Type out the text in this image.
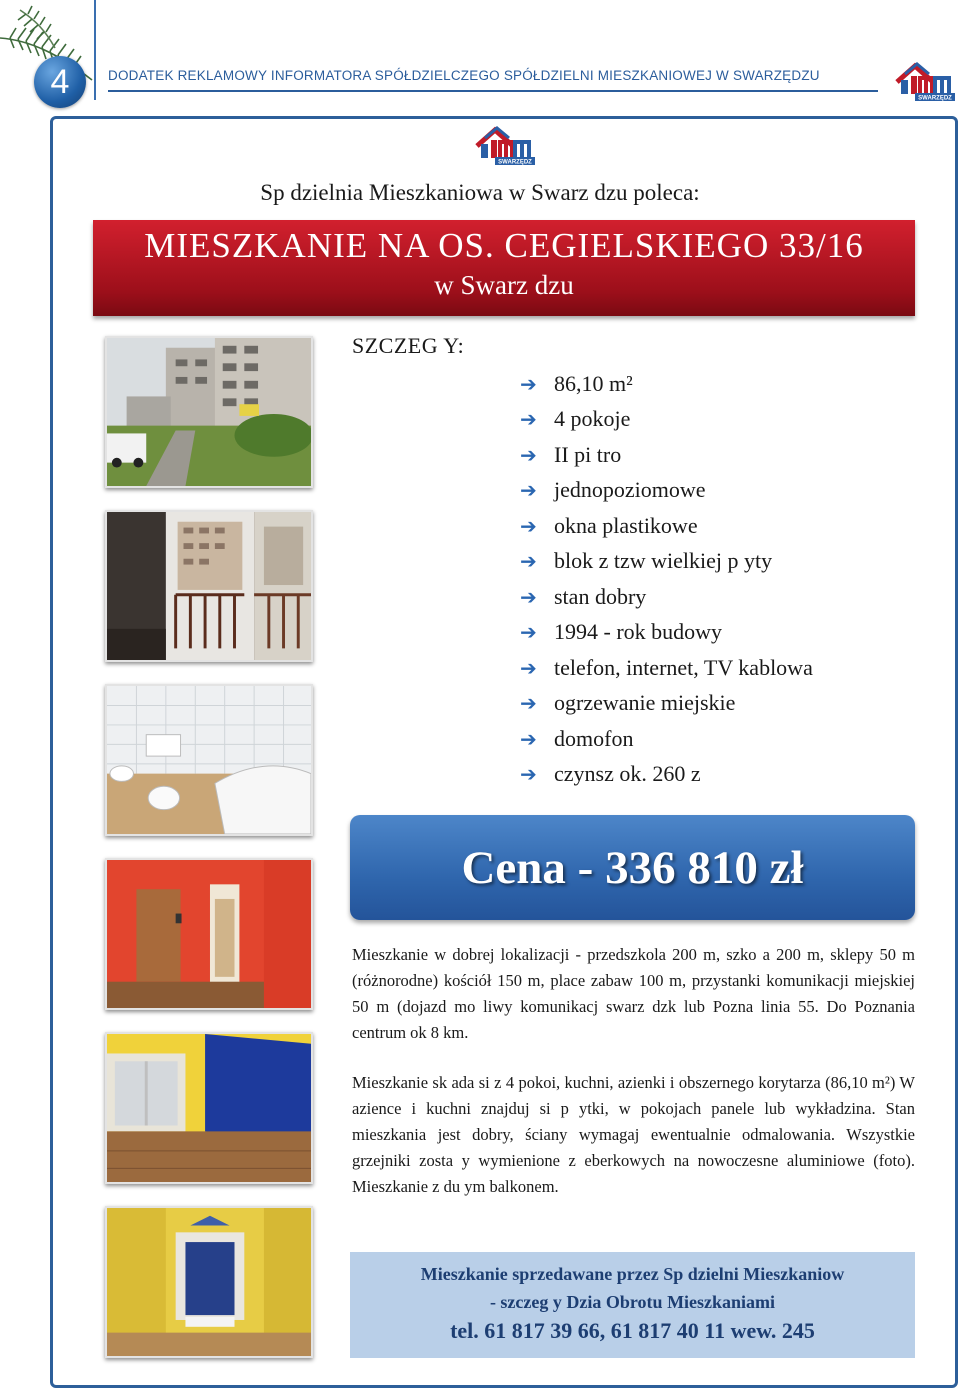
4	DODATEK REKLAMOWY INFORMATORA SPÓŁDZIELCZEGO SPÓŁDZIELNI MIESZKANIOWEJ W SWARZĘDZU
SWARZĘDZ
SWARZĘDZ
Sp dzielnia Mieszkaniowa w Swarz dzu poleca:
MIESZKANIE NA OS. CEGIELSKIEGO 33/16
w Swarz dzu
SZCZEG Y:
➔ 86,10 m²
➔ 4 pokoje
➔ II pi tro
➔ jednopoziomowe
➔ okna plastikowe
➔ blok z tzw wielkiej p yty
➔ stan dobry
➔ 1994 - rok budowy
➔ telefon, internet, TV kablowa
➔ ogrzewanie miejskie
➔ domofon
➔ czynsz ok. 260 z
Cena - 336 810 zł

Mieszkanie w dobrej lokalizacji - przedszkola 200 m, szko a 200 m, sklepy 50 m (różnorodne) kościół 150 m, place zabaw 100 m, przystanki komunikacji miejskiej 50 m (dojazd mo liwy komunikacj swarz dzk lub Pozna linia 55. Do Poznania centrum ok 8 km.

Mieszkanie sk ada si z 4 pokoi, kuchni, azienki i obszernego korytarza (86,10 m²) W azience i kuchni znajduj si p ytki, w pokojach panele lub wykładzina. Stan mieszkania jest dobry, ściany wymagaj ewentualnie odmalowania. Wszystkie grzejniki zosta y wymienione z eberkowych na nowoczesne aluminiowe (foto). Mieszkanie z du ym balkonem.

Mieszkanie sprzedawane przez Sp dzielni Mieszkaniow
- szczeg y Dzia Obrotu Mieszkaniami
tel. 61 817 39 66, 61 817 40 11 wew. 245
